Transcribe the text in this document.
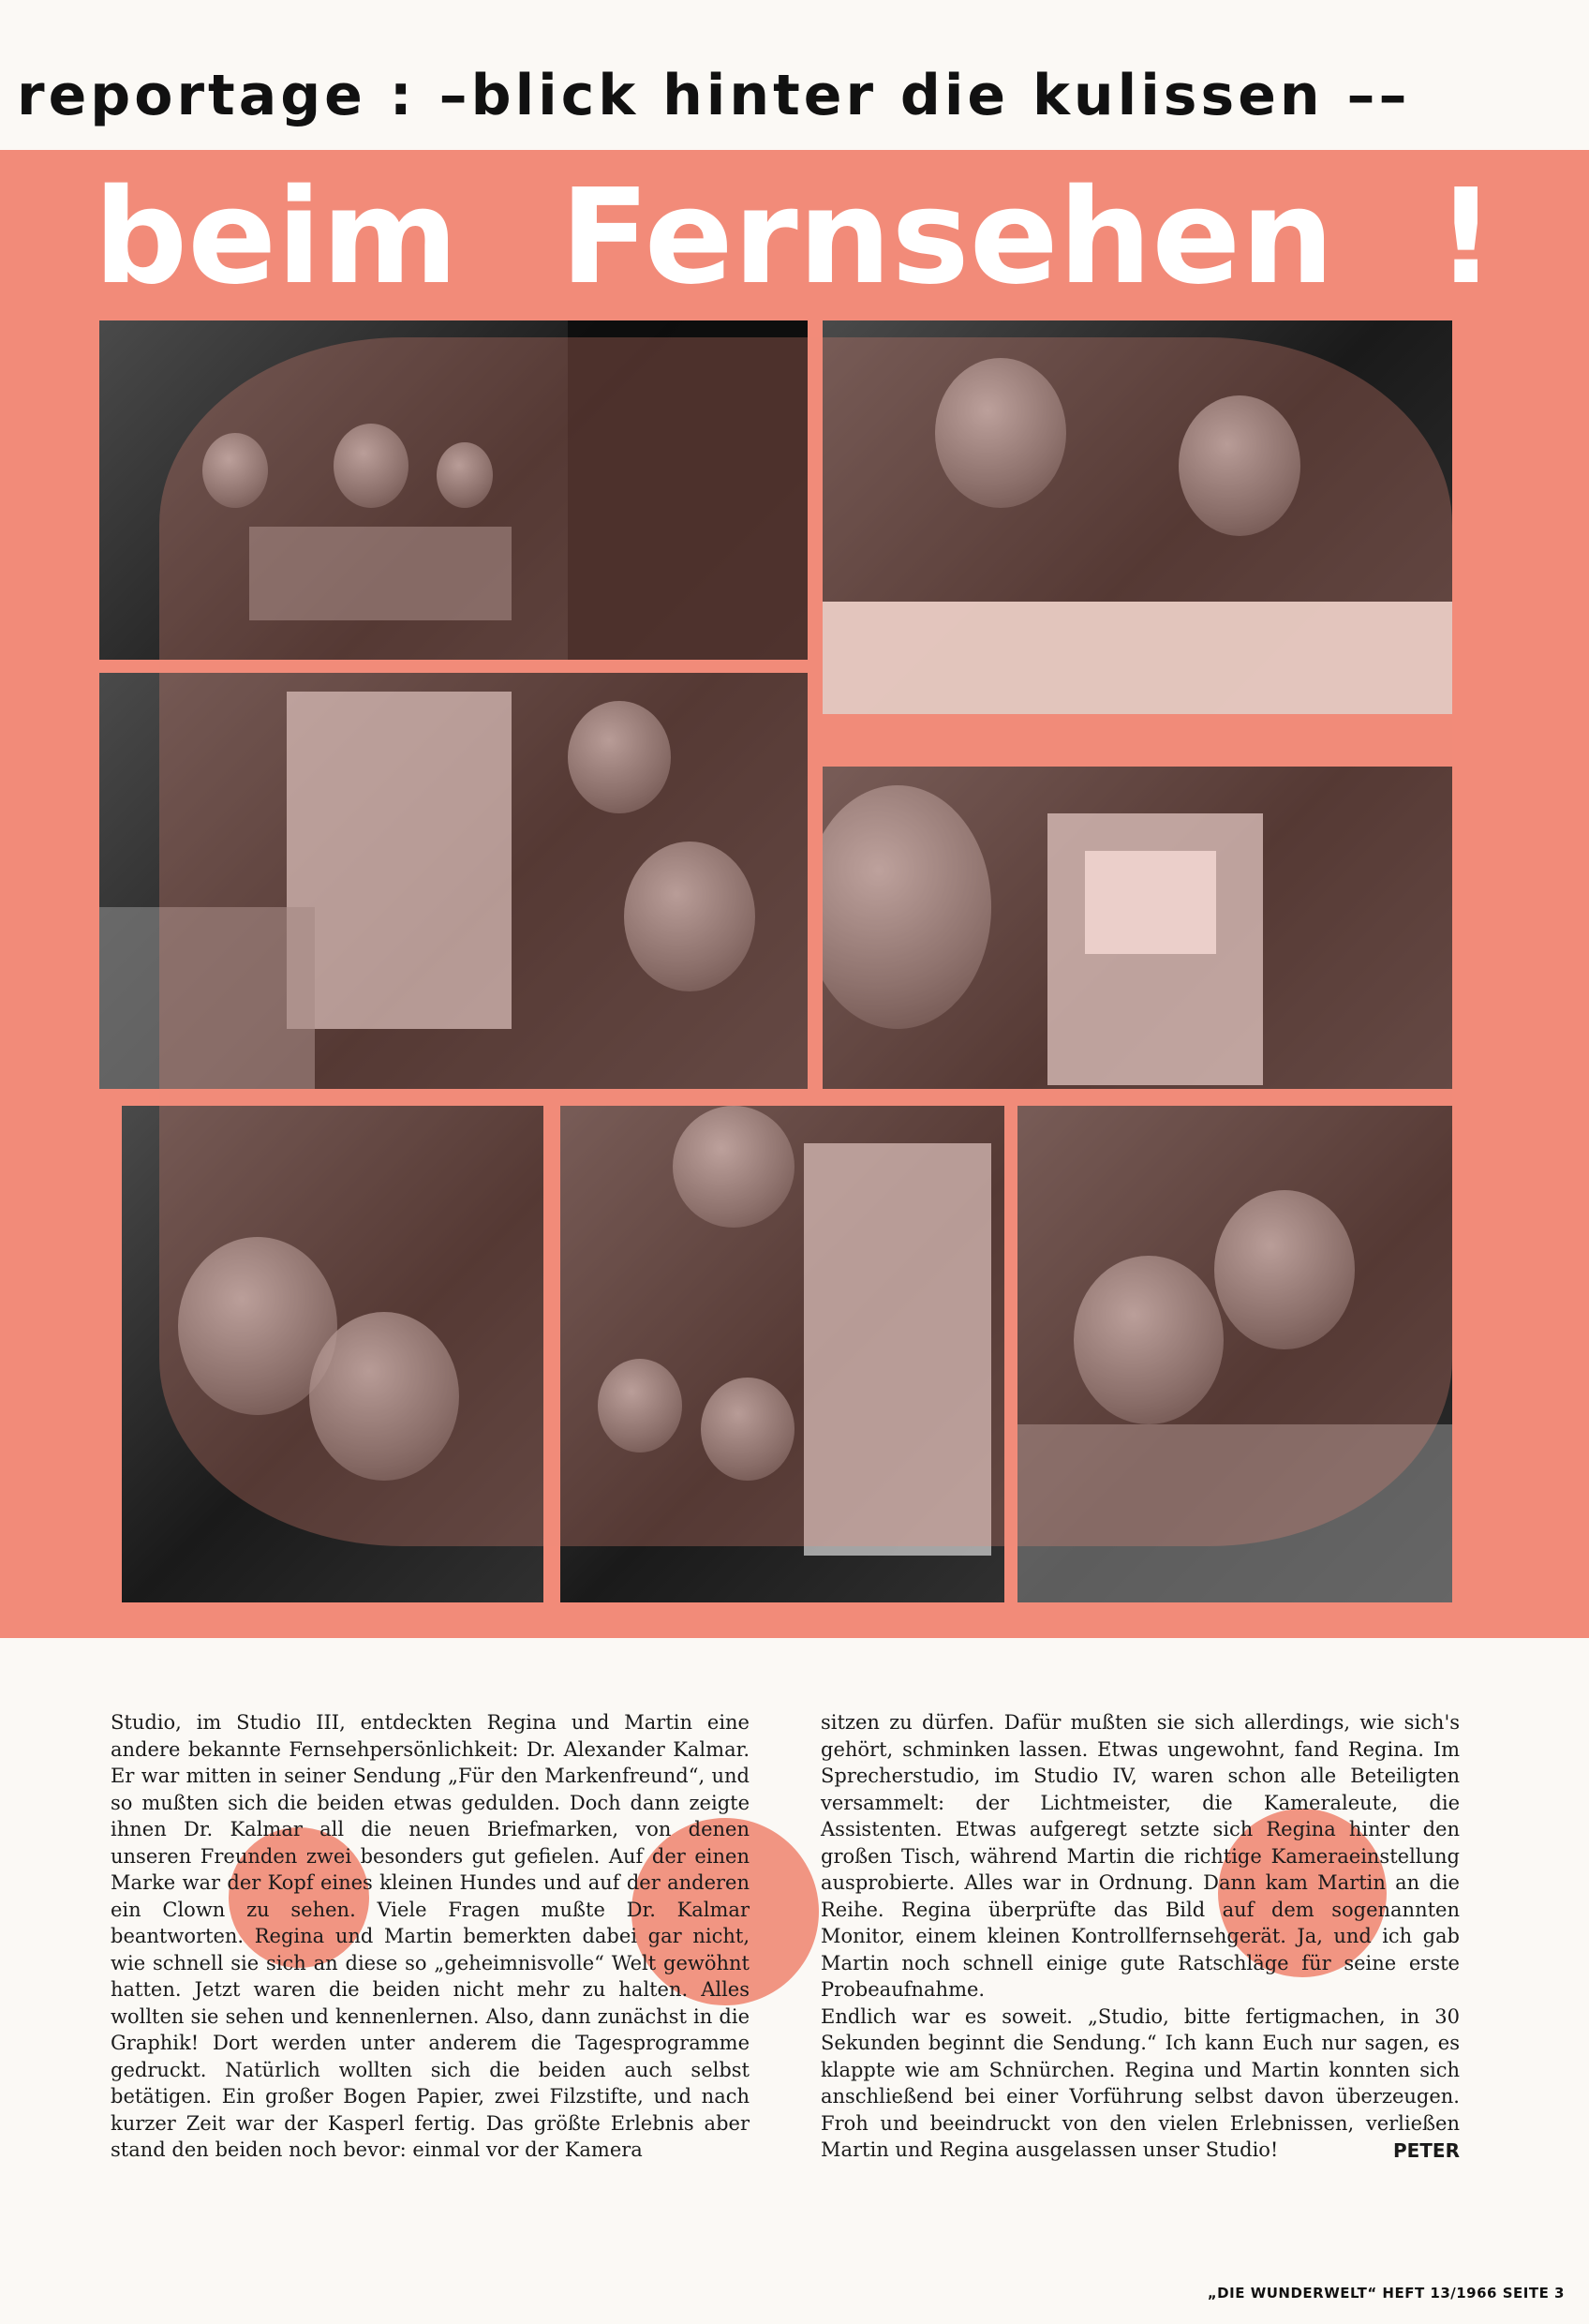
reportage : –blick hinter die kulissen ––
beim Fernsehen !

Studio, im Studio III, entdeckten Regina und Martin eine andere bekannte Fernsehpersönlichkeit: Dr. Alexander Kalmar. Er war mitten in seiner Sendung „Für den Markenfreund“, und so mußten sich die beiden etwas gedulden. Doch dann zeigte ihnen Dr. Kalmar all die neuen Briefmarken, von denen unseren Freunden zwei besonders gut gefielen. Auf der einen Marke war der Kopf eines kleinen Hundes und auf der anderen ein Clown zu sehen. Viele Fragen mußte Dr. Kalmar beantworten. Regina und Martin bemerkten dabei gar nicht, wie schnell sie sich an diese so „geheimnisvolle“ Welt gewöhnt hatten. Jetzt waren die beiden nicht mehr zu halten. Alles wollten sie sehen und kennenlernen. Also, dann zunächst in die Graphik! Dort werden unter anderem die Tagesprogramme gedruckt. Natürlich wollten sich die beiden auch selbst betätigen. Ein großer Bogen Papier, zwei Filzstifte, und nach kurzer Zeit war der Kasperl fertig. Das größte Erlebnis aber stand den beiden noch bevor: einmal vor der Kamera

sitzen zu dürfen. Dafür mußten sie sich allerdings, wie sich's gehört, schminken lassen. Etwas ungewohnt, fand Regina. Im Sprecherstudio, im Studio IV, waren schon alle Beteiligten versammelt: der Lichtmeister, die Kameraleute, die Assistenten. Etwas aufgeregt setzte sich Regina hinter den großen Tisch, während Martin die richtige Kameraeinstellung ausprobierte. Alles war in Ordnung. Dann kam Martin an die Reihe. Regina überprüfte das Bild auf dem sogenannten Monitor, einem kleinen Kontrollfernsehgerät. Ja, und ich gab Martin noch schnell einige gute Ratschläge für seine erste Probeaufnahme.

Endlich war es soweit. „Studio, bitte fertigmachen, in 30 Sekunden beginnt die Sendung.“ Ich kann Euch nur sagen, es klappte wie am Schnürchen. Regina und Martin konnten sich anschließend bei einer Vorführung selbst davon überzeugen. Froh und beeindruckt von den vielen Erlebnissen, verließen Martin und Regina ausgelassen unser Studio!	PETER
„DIE WUNDERWELT“ HEFT 13/1966 SEITE 3
